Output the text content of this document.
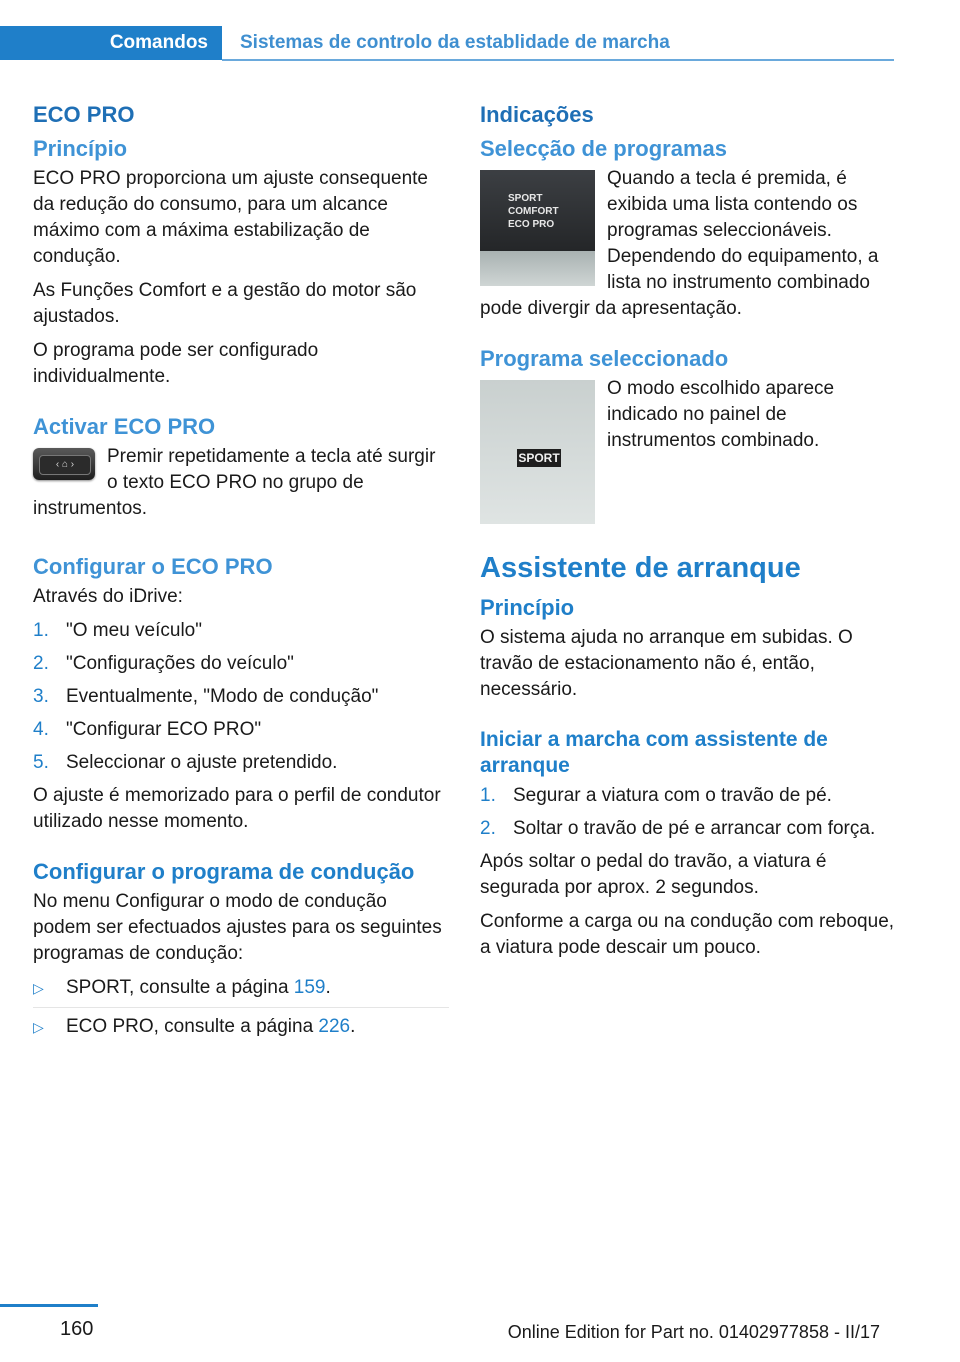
Comandos	Sistemas de controlo da establidade de marcha
ECO PRO
Princípio

ECO PRO proporciona um ajuste consequente da redução do consumo, para um alcance máximo com a máxima estabilização de condução.

As Funções Comfort e a gestão do motor são ajustados.

O programa pode ser configurado individualmente.

Activar ECO PRO
‹ ⌂ ›	Premir repetidamente a tecla até surgir o texto ECO PRO no grupo de instrumentos.

Configurar o ECO PRO

Através do iDrive:

1. "O meu veículo"
2. "Configurações do veículo"
3. Eventualmente, "Modo de condução"
4. "Configurar ECO PRO"
5. Seleccionar o ajuste pretendido.

O ajuste é memorizado para o perfil de condutor utilizado nesse momento.

Configurar o programa de condução

No menu Configurar o modo de condução podem ser efectuados ajustes para os seguintes programas de condução:

▷	SPORT, consulte a página 159.
▷	ECO PRO, consulte a página 226.
Indicações
Selecção de programas
SPORT
COMFORT
ECO PRO

Quando a tecla é premida, é exibida uma lista contendo os programas seleccionáveis. Dependendo do equipamento, a lista no instrumento combinado pode divergir da apresentação.

Programa seleccionado
SPORT

O modo escolhido aparece indicado no painel de instrumentos combinado.

Assistente de arranque
Princípio

O sistema ajuda no arranque em subidas. O travão de estacionamento não é, então, necessário.

Iniciar a marcha com assistente de arranque
1. Segurar a viatura com o travão de pé.
2. Soltar o travão de pé e arrancar com força.

Após soltar o pedal do travão, a viatura é segurada por aprox. 2 segundos.

Conforme a carga ou na condução com reboque, a viatura pode descair um pouco.

160	Online Edition for Part no. 01402977858 - II/17
